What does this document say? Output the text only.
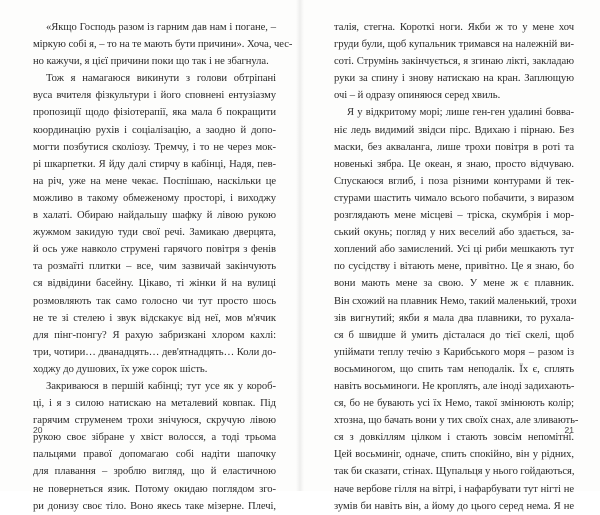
«Якщо Господь разом із гарним дав нам і погане, –
міркую собі я, – то на те мають бути причини». Хоча, чес-
но кажучи, я цієї причини поки що так і не збагнула.
Тож я намагаюся викинути з голови обтріпані
вуса вчителя фізкультури і його сповнені ентузіазму
пропозиції щодо фізіотерапії, яка мала б покращити
координацію рухів і соціалізацію, а заодно й допо-
могти позбутися сколіозу. Тремчу, і то не через мок-
рі шкарпетки. Я йду далі стирчу в кабінці, Надя, пев-
на річ, уже на мене чекає. Поспішаю, наскільки це
можливо в такому обмеженому просторі, і виходжу
в халаті. Обираю найдальшу шафку й лівою рукою
жужмом закидую туди свої речі. Замикаю дверцята,
й ось уже навколо струмені гарячого повітря з фенів
та розмаїті плитки – все, чим зазвичай закінчують
ся відвідини басейну. Цікаво, ті жінки й на вулиці
розмовляють так само голосно чи тут просто шось
не те зі стелею і звук відскакує від неї, мов м'ячик
для пінг-понгу? Я рахую забризкані хлором кахлі:
три, чотири… дванадцять… дев'ятнадцять… Коли до-
ходжу до душових, їх уже сорок шість.
Закриваюся в першій кабінці; тут усе як у короб-
ці, і я з силою натискаю на металевий ковпак. Під
гарячим струменем трохи знічуюся, скручую лівою
рукою своє зібране у хвіст волосся, а тоді трьома
пальцями правої допомагаю собі надіти шапочку
для плавання – зроблю вигляд, що й еластичною
не повернеться язик. Потому окидаю поглядом зго-
ри донизу своє тіло. Воно якесь таке мізерне. Плечі,
20
талія, стегна. Короткі ноги. Якби ж то у мене хоч
груди були, щоб купальник тримався на належній ви-
соті. Струмінь закінчується, я згинаю лікті, закладаю
руки за спину і знову натискаю на кран. Заплющую
очі – й одразу опиняюся серед хвиль.
Я у відкритому морі; лише ген-ген удалині бовва-
ніє ледь видимий звідси пірс. Вдихаю і пірнаю. Без
маски, без акваланга, лише трохи повітря в роті та
новенькі зябра. Це океан, я знаю, просто відчуваю.
Спускаюся вглиб, і поза різними контурами й тек-
стурами шастить чимало всього побачити, з виразом
розглядають мене місцеві – тріска, скумбрія і мор-
ський окунь; погляд у них веселий або здається, за-
хоплений або замислений. Усі ці риби мешкають тут
по сусідству і вітають мене, привітно. Це я знаю, бо
вони мають мене за свою. У мене ж є плавник.
Він схожий на плавник Немо, такий маленький, трохи
зів вигнутий; якби я мала два плавники, то рухала-
ся б швидше й умить дісталася до тієї скелі, щоб
упіймати теплу течію з Карибського моря – разом із
восьминогом, що спить там неподалік. Їх є, сплять
навіть восьминоги. Не кроплять, але іноді задихають-
ся, бо не бувають усі їх Немо, такої змінюють колір;
хтозна, що бачать вони у тих своїх снах, але зливають-
ся з довкіллям цілком і стають зовсім непомітні.
Цей восьминіг, одначе, спить спокійно, він у рідних,
так би сказати, стінах. Щупальця у нього гойдаються,
наче вербове гілля на вітрі, і нафарбувати тут нігті не
зумів би навіть він, а йому до цього серед нема. Я не
21
